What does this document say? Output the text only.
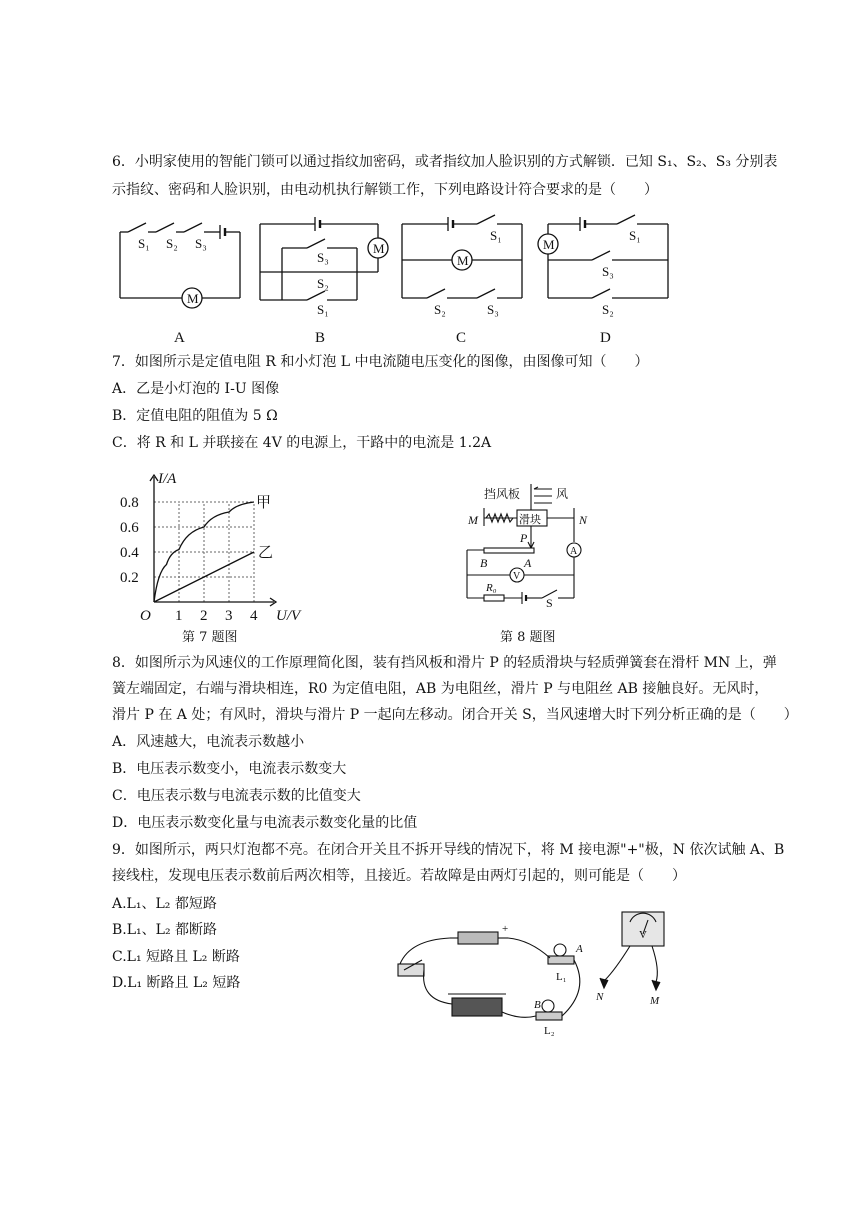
6．小明家使用的智能门锁可以通过指纹加密码，或者指纹加人脸识别的方式解锁．已知 S₁、S₂、S₃ 分别表
示指纹、密码和人脸识别，由电动机执行解锁工作，下列电路设计符合要求的是（　　）
M
S₁ S₂ S₃	M
S₃
S₂
S₁
M
S₁
S₂	S₃
M
S₁
S₃
S₂
A	B	C	D
7．如图所示是定值电阻 R 和小灯泡 L 中电流随电压变化的图像，由图像可知（　　）
A．乙是小灯泡的 I-U 图像
B．定值电阻的阻值为 5 Ω
C．将 R 和 L 并联接在 4V 的电源上，干路中的电流是 1.2A
0.8
0.6
0.4
0.2
1 2 3 4
O
I/A
U/V
甲
乙
第 7 题图
挡风板	风
滑块
M	N
P
B	A
A
V
R₀
S
第 8 题图
8．如图所示为风速仪的工作原理简化图，装有挡风板和滑片 P 的轻质滑块与轻质弹簧套在滑杆 MN 上，弹
簧左端固定，右端与滑块相连，R0 为定值电阻，AB 为电阻丝，滑片 P 与电阻丝 AB 接触良好。无风时，
滑片 P 在 A 处；有风时，滑块与滑片 P 一起向左移动。闭合开关 S，当风速增大时下列分析正确的是（　　）
A．风速越大，电流表示数越小
B．电压表示数变小，电流表示数变大
C．电压表示数与电流表示数的比值变大
D．电压表示数变化量与电流表示数变化量的比值
9．如图所示，两只灯泡都不亮。在闭合开关且不拆开导线的情况下，将 M 接电源"+"极，N 依次试触 A、B
接线柱，发现电压表示数前后两次相等，且接近。若故障是由两灯引起的，则可能是（　　）
A.L₁、L₂ 都短路
B.L₁、L₂ 都断路
C.L₁ 短路且 L₂ 断路
D.L₁ 断路且 L₂ 短路
V
A
L₁
B
L₂
N	M
+
